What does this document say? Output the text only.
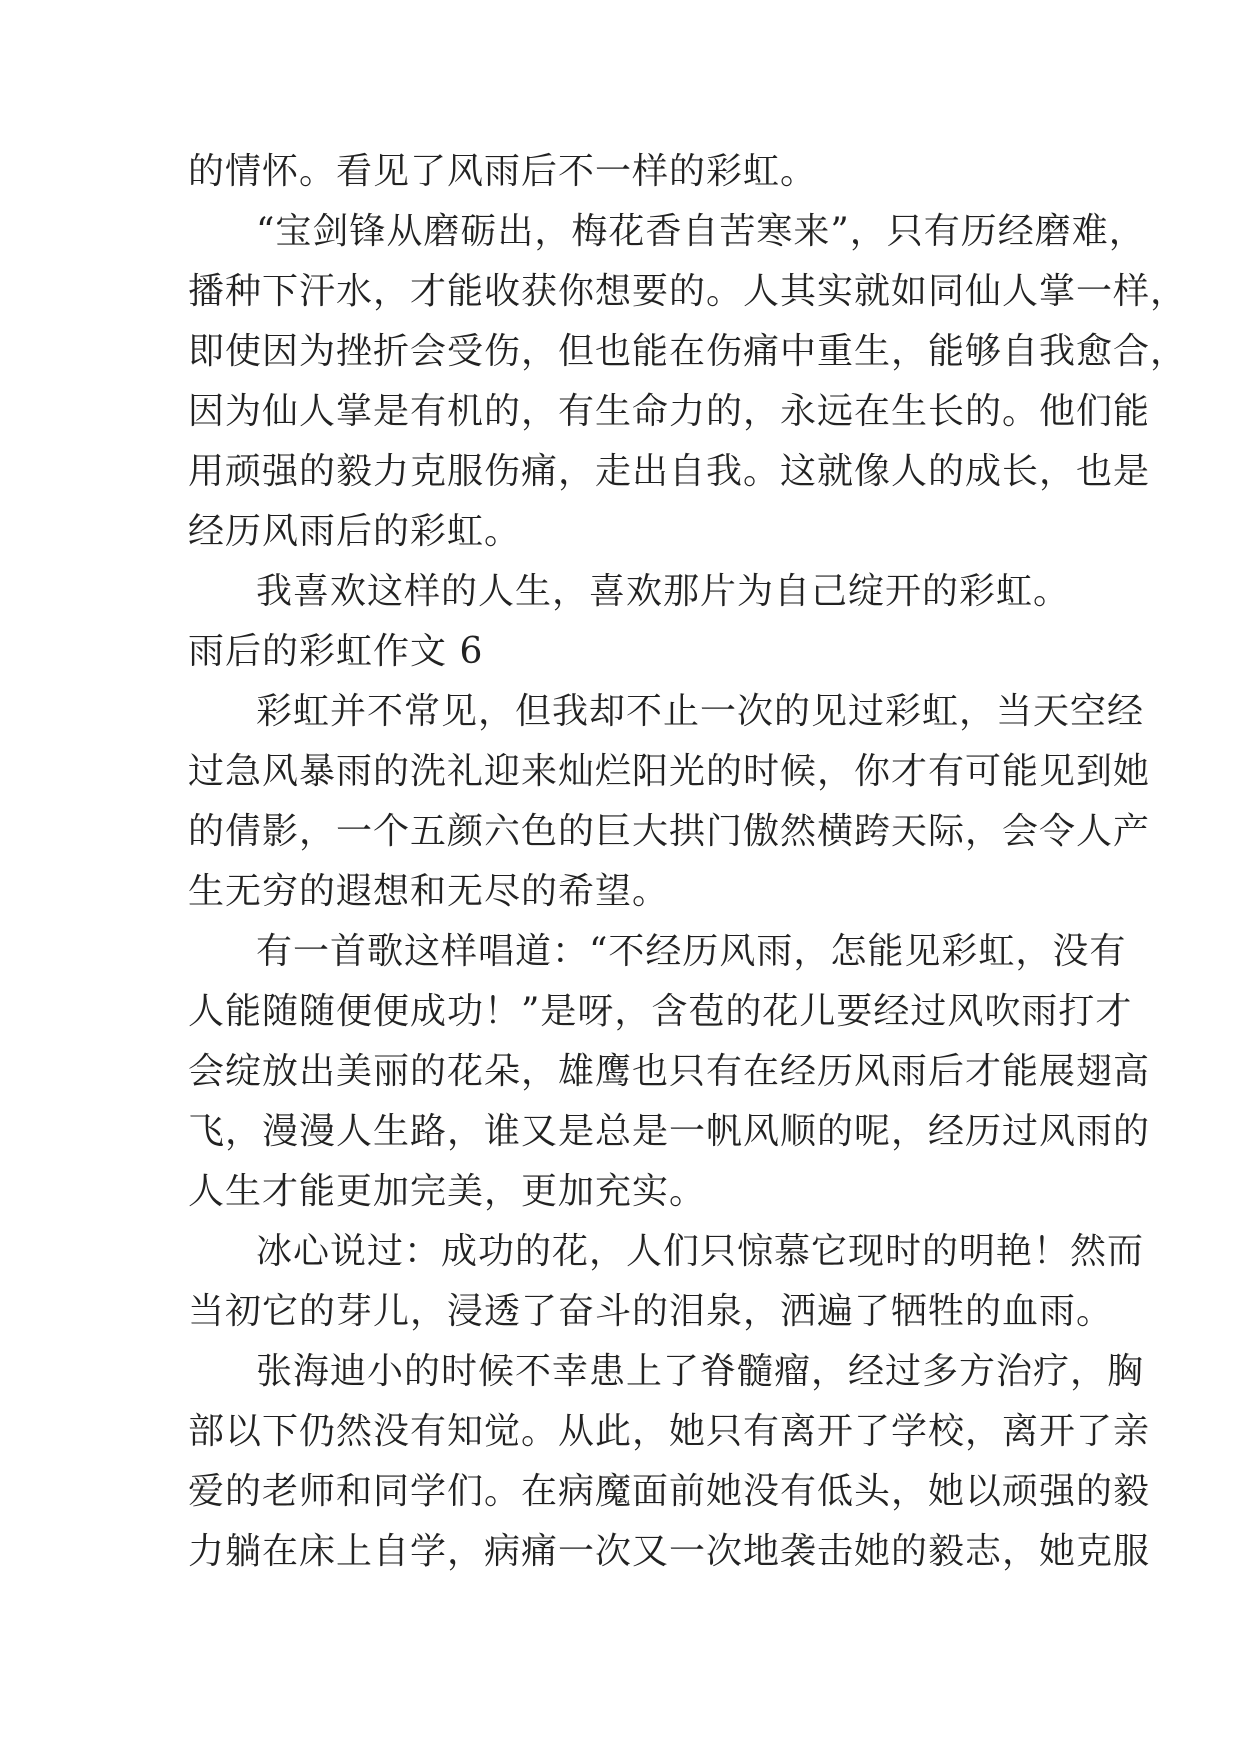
的情怀。看见了风雨后不一样的彩虹。
“宝剑锋从磨砺出，梅花香自苦寒来”，只有历经磨难，
播种下汗水，才能收获你想要的。人其实就如同仙人掌一样，
即使因为挫折会受伤，但也能在伤痛中重生，能够自我愈合，
因为仙人掌是有机的，有生命力的，永远在生长的。他们能
用顽强的毅力克服伤痛，走出自我。这就像人的成长，也是
经历风雨后的彩虹。
我喜欢这样的人生，喜欢那片为自己绽开的彩虹。
雨后的彩虹作文 6
彩虹并不常见，但我却不止一次的见过彩虹，当天空经
过急风暴雨的洗礼迎来灿烂阳光的时候，你才有可能见到她
的倩影，一个五颜六色的巨大拱门傲然横跨天际，会令人产
生无穷的遐想和无尽的希望。
有一首歌这样唱道：“不经历风雨，怎能见彩虹，没有
人能随随便便成功！”是呀，含苞的花儿要经过风吹雨打才
会绽放出美丽的花朵，雄鹰也只有在经历风雨后才能展翅高
飞，漫漫人生路，谁又是总是一帆风顺的呢，经历过风雨的
人生才能更加完美，更加充实。
冰心说过：成功的花，人们只惊慕它现时的明艳！然而
当初它的芽儿，浸透了奋斗的泪泉，洒遍了牺牲的血雨。
张海迪小的时候不幸患上了脊髓瘤，经过多方治疗，胸
部以下仍然没有知觉。从此，她只有离开了学校，离开了亲
爱的老师和同学们。在病魔面前她没有低头，她以顽强的毅
力躺在床上自学，病痛一次又一次地袭击她的毅志，她克服
